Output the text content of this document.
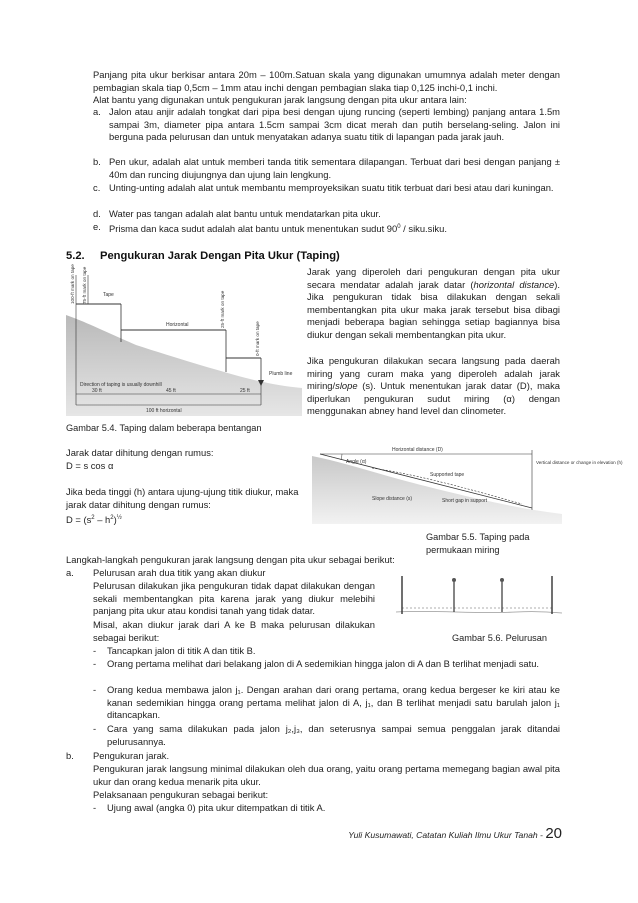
Panjang pita ukur berkisar antara 20m – 100m.Satuan skala yang digunakan umumnya adalah meter dengan pembagian skala tiap 0,5cm – 1mm atau inchi dengan pembagian slaka tiap 0,125 inchi-0,1 inchi.

Alat bantu yang digunakan untuk pengukuran jarak langsung dengan pita ukur antara lain:

a. Jalon atau anjir adalah tongkat dari pipa besi dengan ujung runcing (seperti lembing) panjang antara 1.5m sampai 3m, diameter pipa antara 1.5cm sampai 3cm dicat merah dan putih berselang-seling. Jalon ini berguna pada pelurusan dan untuk menyatakan adanya suatu titik di lapangan pada jarak jauh.
b. Pen ukur, adalah alat untuk memberi tanda titik sementara dilapangan. Terbuat dari besi dengan panjang ± 40m dan runcing diujungnya dan ujung lain lengkung.
c. Unting-unting adalah alat untuk membantu memproyeksikan suatu titik terbuat dari besi atau dari kuningan.
d. Water pas tangan adalah alat bantu untuk mendatarkan pita ukur.
e. Prisma dan kaca sudut adalah alat bantu untuk menentukan sudut $90^0$ / siku.siku.
5.2. Pengukuran Jarak Dengan Pita Ukur (Taping)

Jarak yang diperoleh dari pengukuran dengan pita ukur secara mendatar adalah jarak datar (horizontal distance). Jika pengukuran tidak bisa dilakukan dengan sekali membentangkan pita ukur maka jarak tersebut bisa dibagi menjadi beberapa bagian sehingga setiap bagiannya bisa diukur dengan sekali membentangkan pita ukur.

Jika pengukuran dilakukan secara langsung pada daerah miring yang curam maka yang diperoleh adalah jarak miring/slope (s). Untuk menentukan jarak datar (D), maka diperlukan pengukuran sudut miring (α) dengan menggunakan abney hand level dan clinometer.

100-ft mark on tape 75-ft mark on tape	Tape
Horizontal	25-ft mark on tape
0-ft mark on tape
Direction of taping is usually downhill
Plumb line
30 ft	45 ft	25 ft
100 ft horizontal

Gambar 5.4. Taping dalam beberapa bentangan

Jarak datar dihitung dengan rumus:

D = s cos α

Jika beda tinggi (h) antara ujung-ujung titik diukur, maka jarak datar dihitung dengan rumus:

$D = (s^2 - h^2)^{\frac{1}{2}}$

Horizontal distance (D)
Angle (α)
Supported tape
Vertical distance or change in elevation (h)
Short gap in support
Slope distance (s)

Gambar 5.5. Taping pada permukaan miring

Langkah-langkah pengukuran jarak langsung dengan pita ukur sebagai berikut:

a. Pelurusan arah dua titik yang akan diukur

Pelurusan dilakukan jika pengukuran tidak dapat dilakukan dengan sekali membentangkan pita karena jarak yang diukur melebihi panjang pita ukur atau kondisi tanah yang tidak datar.

Misal, akan diukur jarak dari A ke B maka pelurusan dilakukan sebagai berikut:	Gambar 5.6. Pelurusan

- Tancapkan jalon di titik A dan titik B.
- Orang pertama melihat dari belakang jalon di A sedemikian hingga jalon di A dan B terlihat menjadi satu.
- Orang kedua membawa jalon j₁. Dengan arahan dari orang pertama, orang kedua bergeser ke kiri atau ke kanan sedemikian hingga orang pertama melihat jalon di A, j₁, dan B terlihat menjadi satu barulah jalon j₁ ditancapkan.
- Cara yang sama dilakukan pada jalon j₂,j₃, dan seterusnya sampai semua penggalan jarak ditandai pelurusannya.
b. Pengukuran jarak.

Pengukuran jarak langsung minimal dilakukan oleh dua orang, yaitu orang pertama memegang bagian awal pita ukur dan orang kedua menarik pita ukur.

Pelaksanaan pengukuran sebagai berikut:

- Ujung awal (angka 0) pita ukur ditempatkan di titik A.
Yuli Kusumawati, Catatan Kuliah Ilmu Ukur Tanah - 20
